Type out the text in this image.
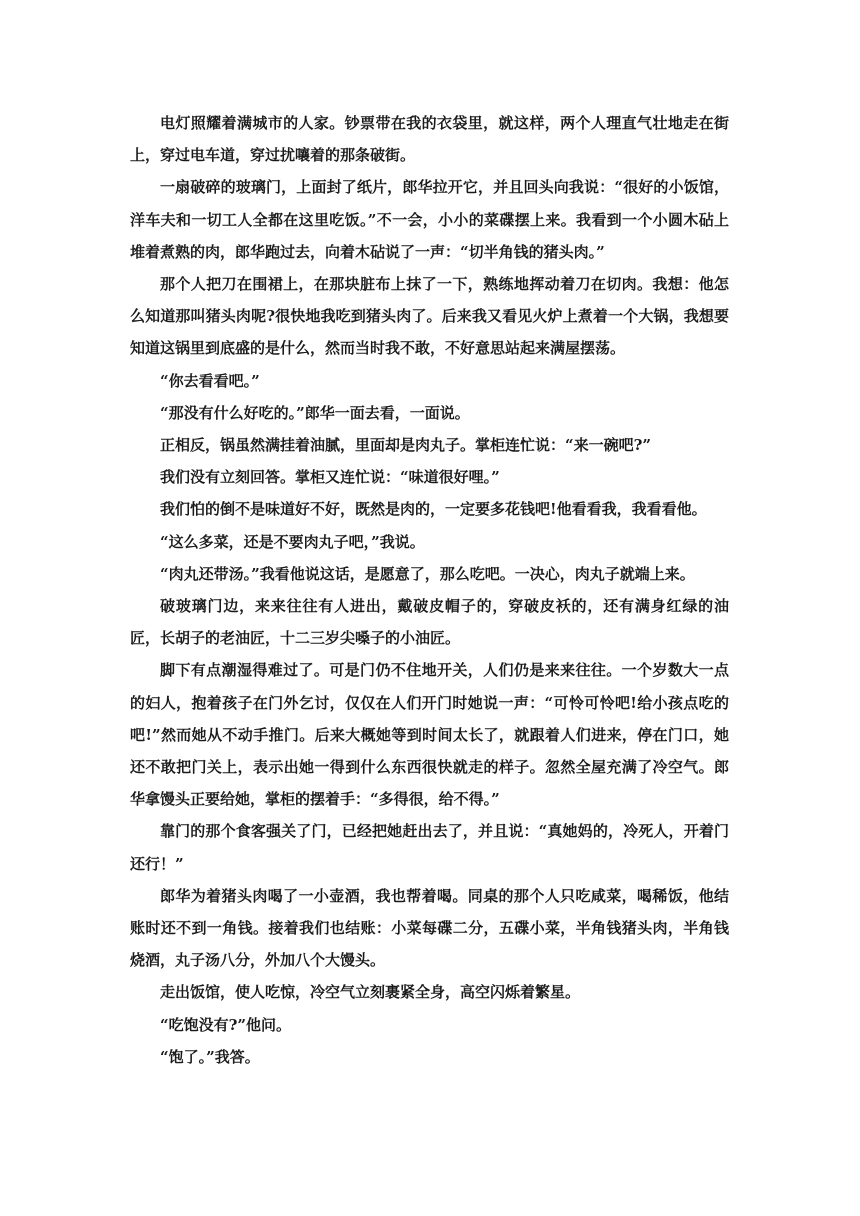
电灯照耀着满城市的人家。钞票带在我的衣袋里，就这样，两个人理直气壮地走在街上，穿过电车道，穿过扰嚷着的那条破街。

一扇破碎的玻璃门，上面封了纸片，郎华拉开它，并且回头向我说：“很好的小饭馆，洋车夫和一切工人全都在这里吃饭。”不一会，小小的菜碟摆上来。我看到一个小圆木砧上堆着煮熟的肉，郎华跑过去，向着木砧说了一声：“切半角钱的猪头肉。”

那个人把刀在围裙上，在那块脏布上抹了一下，熟练地挥动着刀在切肉。我想：他怎么知道那叫猪头肉呢?很快地我吃到猪头肉了。后来我又看见火炉上煮着一个大锅，我想要知道这锅里到底盛的是什么，然而当时我不敢，不好意思站起来满屋摆荡。

“你去看看吧。”

“那没有什么好吃的。”郎华一面去看，一面说。

正相反，锅虽然满挂着油腻，里面却是肉丸子。掌柜连忙说：“来一碗吧?”

我们没有立刻回答。掌柜又连忙说：“味道很好哩。”

我们怕的倒不是味道好不好，既然是肉的，一定要多花钱吧!他看看我，我看看他。

“这么多菜，还是不要肉丸子吧，”我说。

“肉丸还带汤。”我看他说这话，是愿意了，那么吃吧。一决心，肉丸子就端上来。

破玻璃门边，来来往往有人进出，戴破皮帽子的，穿破皮袄的，还有满身红绿的油匠，长胡子的老油匠，十二三岁尖嗓子的小油匠。

脚下有点潮湿得难过了。可是门仍不住地开关，人们仍是来来往往。一个岁数大一点的妇人，抱着孩子在门外乞讨，仅仅在人们开门时她说一声：“可怜可怜吧!给小孩点吃的吧!”然而她从不动手推门。后来大概她等到时间太长了，就跟着人们进来，停在门口，她还不敢把门关上，表示出她一得到什么东西很快就走的样子。忽然全屋充满了冷空气。郎华拿馒头正要给她，掌柜的摆着手：“多得很，给不得。”

靠门的那个食客强关了门，已经把她赶出去了，并且说：“真她妈的，冷死人，开着门还行！”

郎华为着猪头肉喝了一小壶酒，我也帮着喝。同桌的那个人只吃咸菜，喝稀饭，他结账时还不到一角钱。接着我们也结账：小菜每碟二分，五碟小菜，半角钱猪头肉，半角钱烧酒，丸子汤八分，外加八个大馒头。

走出饭馆，使人吃惊，冷空气立刻裹紧全身，高空闪烁着繁星。

“吃饱没有?”他问。

“饱了。”我答。
